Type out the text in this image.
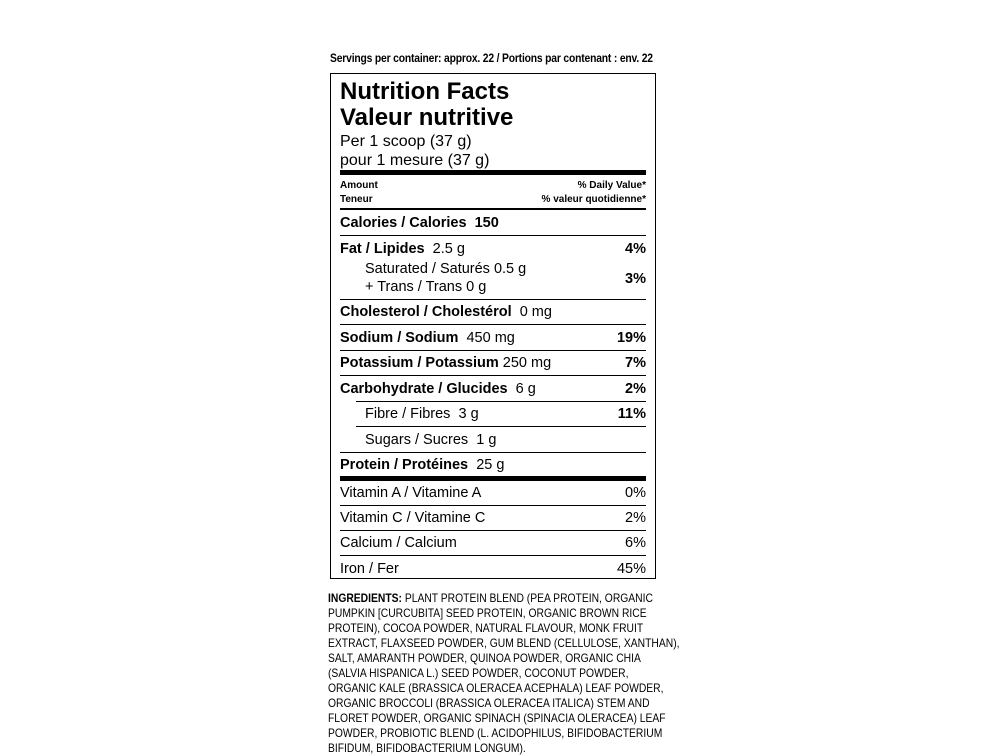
Servings per container: approx. 22 / Portions par contenant : env. 22
Nutrition Facts
Valeur nutritive
Per 1 scoop (37 g)
pour 1 mesure (37 g)
Amount	% Daily Value*
Teneur	% valeur quotidienne*
Calories / Calories 150
Fat / Lipides 2.5 g	4%
Saturated / Saturés 0.5 g
+ Trans / Trans 0 g	3%
Cholesterol / Cholestérol 0 mg
Sodium / Sodium 450 mg	19%
Potassium / Potassium 250 mg	7%
Carbohydrate / Glucides 6 g	2%
Fibre / Fibres 3 g	11%
Sugars / Sucres 1 g
Protein / Protéines 25 g
Vitamin A / Vitamine A	0%
Vitamin C / Vitamine C	2%
Calcium / Calcium	6%
Iron / Fer	45%
INGREDIENTS: PLANT PROTEIN BLEND (PEA PROTEIN, ORGANIC
PUMPKIN [CURCUBITA] SEED PROTEIN, ORGANIC BROWN RICE
PROTEIN), COCOA POWDER, NATURAL FLAVOUR, MONK FRUIT
EXTRACT, FLAXSEED POWDER, GUM BLEND (CELLULOSE, XANTHAN),
SALT, AMARANTH POWDER, QUINOA POWDER, ORGANIC CHIA
(SALVIA HISPANICA L.) SEED POWDER, COCONUT POWDER,
ORGANIC KALE (BRASSICA OLERACEA ACEPHALA) LEAF POWDER,
ORGANIC BROCCOLI (BRASSICA OLERACEA ITALICA) STEM AND
FLORET POWDER, ORGANIC SPINACH (SPINACIA OLERACEA) LEAF
POWDER, PROBIOTIC BLEND (L. ACIDOPHILUS, BIFIDOBACTERIUM
BIFIDUM, BIFIDOBACTERIUM LONGUM).
